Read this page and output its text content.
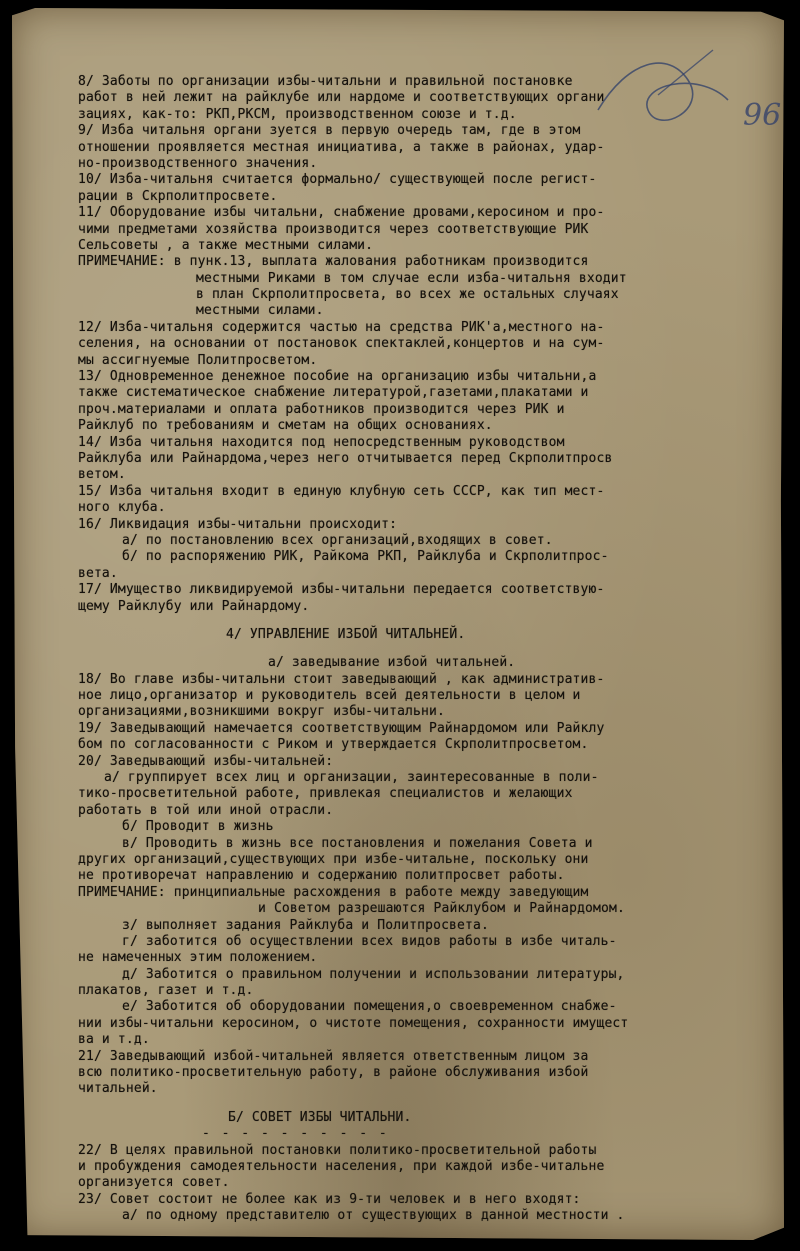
96
8/ Заботы по организации избы-читальни и правильной постановке
работ в ней лежит на райклубе или нардоме и соответствующих органи
зациях, как-то: РКП,РКСМ, производственном союзе и т.д.
9/ Изба читальня органи зуется в первую очередь там, где в этом
отношении проявляется местная инициатива, а также в районах, удар-
но-производственного значения.
10/ Изба-читальня считается формально/ существующей после регист-
рации в Скрполитпросвете.
11/ Оборудование избы читальни, снабжение дровами,керосином и про-
чими предметами хозяйства производится через соответствующие РИК
Сельсоветы , а также местными силами.
ПРИМЕЧАНИЕ: в пунк.13, выплата жалования работникам производится
местными Риками в том случае если изба-читальня входит
в план Скрполитпросвета, во всех же остальных случаях
местными силами.
12/ Изба-читальня содержится частью на средства РИК'а,местного на-
селения, на основании от постановок спектаклей,концертов и на сум-
мы ассигнуемые Политпросветом.
13/ Одновременное денежное пособие на организацию избы читальни,а
также систематическое снабжение литературой,газетами,плакатами и
проч.материалами и оплата работников производится через РИК и
Райклуб по требованиям и сметам на общих основаниях.
14/ Изба читальня находится под непосредственным руководством
Райклуба или Райнардома,через него отчитывается перед Скрполитпросв
ветом.
15/ Изба читальня входит в единую клубную сеть СССР, как тип мест-
ного клуба.
16/ Ликвидация избы-читальни происходит:
а/ по постановлению всех организаций,входящих в совет.
б/ по распоряжению РИК, Райкома РКП, Райклуба и Скрполитпрос-
вета.
17/ Имущество ликвидируемой избы-читальни передается соответствую-
щему Райклубу или Райнардому.
4/ УПРАВЛЕНИЕ ИЗБОЙ ЧИТАЛЬНЕЙ.
а/ заведывание избой читальней.
18/ Во главе избы-читальни стоит заведывающий , как административ-
ное лицо,организатор и руководитель всей деятельности в целом и
организациями,возникшими вокруг избы-читальни.
19/ Заведывающий намечается соответствующим Райнардомом или Райклу
бом по согласованности с Риком и утверждается Скрполитпросветом.
20/ Заведывающий избы-читальней:
а/ группирует всех лиц и организации, заинтересованные в поли-
тико-просветительной работе, привлекая специалистов и желающих
работать в той или иной отрасли.
б/ Проводит в жизнь
в/ Проводить в жизнь все постановления и пожелания Совета и
других организаций,существующих при избе-читальне, поскольку они
не противоречат направлению и содержанию политпросвет работы.
ПРИМЕЧАНИЕ: принципиальные расхождения в работе между заведующим
и Советом разрешаются Райклубом и Райнардомом.
з/ выполняет задания Райклуба и Политпросвета.
г/ заботится об осуществлении всех видов работы в избе читаль-
не намеченных этим положением.
д/ Заботится о правильном получении и использовании литературы,
плакатов, газет и т.д.
е/ Заботится об оборудовании помещения,о своевременном снабже-
нии избы-читальни керосином, о чистоте помещения, сохранности имущест
ва и т.д.
21/ Заведывающий избой-читальней является ответственным лицом за
всю политико-просветительную работу, в районе обслуживания избой
читальней.
Б/ СОВЕТ ИЗБЫ ЧИТАЛЬНИ.
- - - - - - - - - -
22/ В целях правильной постановки политико-просветительной работы
и пробуждения самодеятельности населения, при каждой избе-читальне
организуется совет.
23/ Совет состоит не более как из 9-ти человек и в него входят:
а/ по одному представителю от существующих в данной местности .
